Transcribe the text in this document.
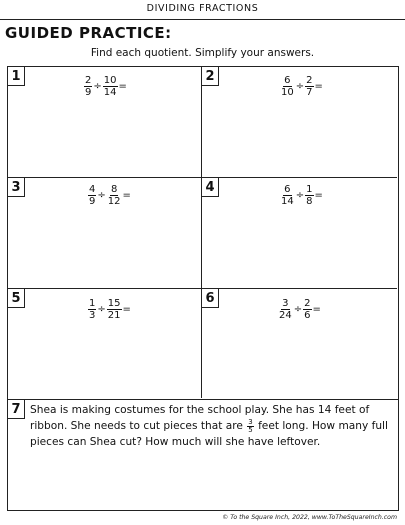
DIVIDING FRACTIONS
GUIDED PRACTICE:
Find each quotient. Simplify your answers.
1	$\frac{2}{9} \div \frac{10}{14}$ =
2	$\frac{6}{10} \div \frac{2}{7}$ =
3	$\frac{4}{9} \div \frac{8}{12}$ =
4	$\frac{6}{14} \div \frac{1}{8}$ =
5	$\frac{1}{3} \div \frac{15}{21}$ =
6	$\frac{3}{24} \div \frac{2}{6}$ =
7 Shea is making costumes for the school play. She has 14 feet of ribbon. She needs to cut pieces that are $\frac{3}{5}$ feet long. How many full pieces can Shea cut? How much will she have leftover.
© To the Square Inch, 2022, www.ToTheSquareInch.com
